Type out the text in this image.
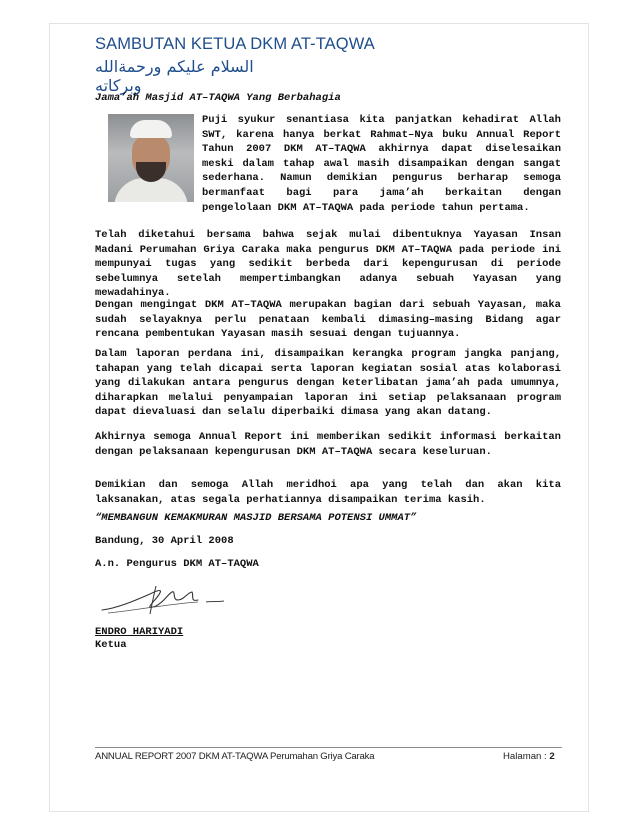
SAMBUTAN KETUA DKM AT-TAQWA
السلام عليكم ورحمةالله وبركاته

Jama’ah Masjid AT–TAQWA Yang Berbahagia

Puji syukur senantiasa kita panjatkan kehadirat Allah SWT, karena hanya berkat Rahmat–Nya buku Annual Report Tahun 2007 DKM AT–TAQWA akhirnya dapat diselesaikan meski dalam tahap awal masih disampaikan dengan sangat sederhana. Namun demikian pengurus berharap semoga bermanfaat bagi para jama’ah berkaitan dengan pengelolaan DKM AT–TAQWA pada periode tahun pertama.

Telah diketahui bersama bahwa sejak mulai dibentuknya Yayasan Insan Madani Perumahan Griya Caraka maka pengurus DKM AT–TAQWA pada periode ini mempunyai tugas yang sedikit berbeda dari kepengurusan di periode sebelumnya setelah mempertimbangkan adanya sebuah Yayasan yang mewadahinya.

Dengan mengingat DKM AT–TAQWA merupakan bagian dari sebuah Yayasan, maka sudah selayaknya perlu penataan kembali dimasing–masing Bidang agar rencana pembentukan Yayasan masih sesuai dengan tujuannya.

Dalam laporan perdana ini, disampaikan kerangka program jangka panjang, tahapan yang telah dicapai serta laporan kegiatan sosial atas kolaborasi yang dilakukan antara pengurus dengan keterlibatan jama’ah pada umumnya, diharapkan melalui penyampaian laporan ini setiap pelaksanaan program dapat dievaluasi dan selalu diperbaiki dimasa yang akan datang.

Akhirnya semoga Annual Report ini memberikan sedikit informasi berkaitan dengan pelaksanaan kepengurusan DKM AT–TAQWA secara keseluruan.

Demikian dan semoga Allah meridhoi apa yang telah dan akan kita laksanakan, atas segala perhatiannya disampaikan terima kasih.

“MEMBANGUN KEMAKMURAN MASJID BERSAMA POTENSI UMMAT”

Bandung, 30 April 2008

A.n. Pengurus DKM AT–TAQWA

ENDRO HARIYADI

Ketua

ANNUAL REPORT 2007 DKM AT-TAQWA Perumahan Griya Caraka	Halaman : 2
